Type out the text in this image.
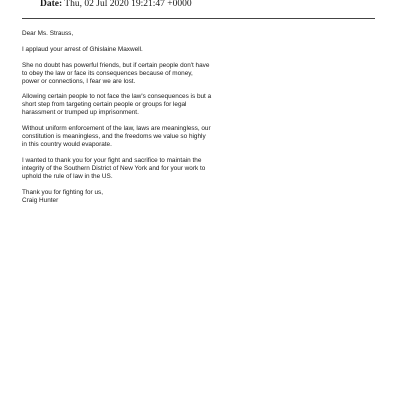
Date: Thu, 02 Jul 2020 19:21:47 +0000

Dear Ms. Strauss,

I applaud your arrest of Ghislaine Maxwell.

She no doubt has powerful friends, but if certain people don't have
to obey the law or face its consequences because of money,
power or connections, I fear we are lost.

Allowing certain people to not face the law's consequences is but a
short step from targeting certain people or groups for legal
harassment or trumped up imprisonment.

Without uniform enforcement of the law, laws are meaningless, our
constitution is meaningless, and the freedoms we value so highly
in this country would evaporate.

I wanted to thank you for your fight and sacrifice to maintain the
integrity of the Southern District of New York and for your work to
uphold the rule of law in the US.

Thank you for fighting for us,

Craig Hunter
